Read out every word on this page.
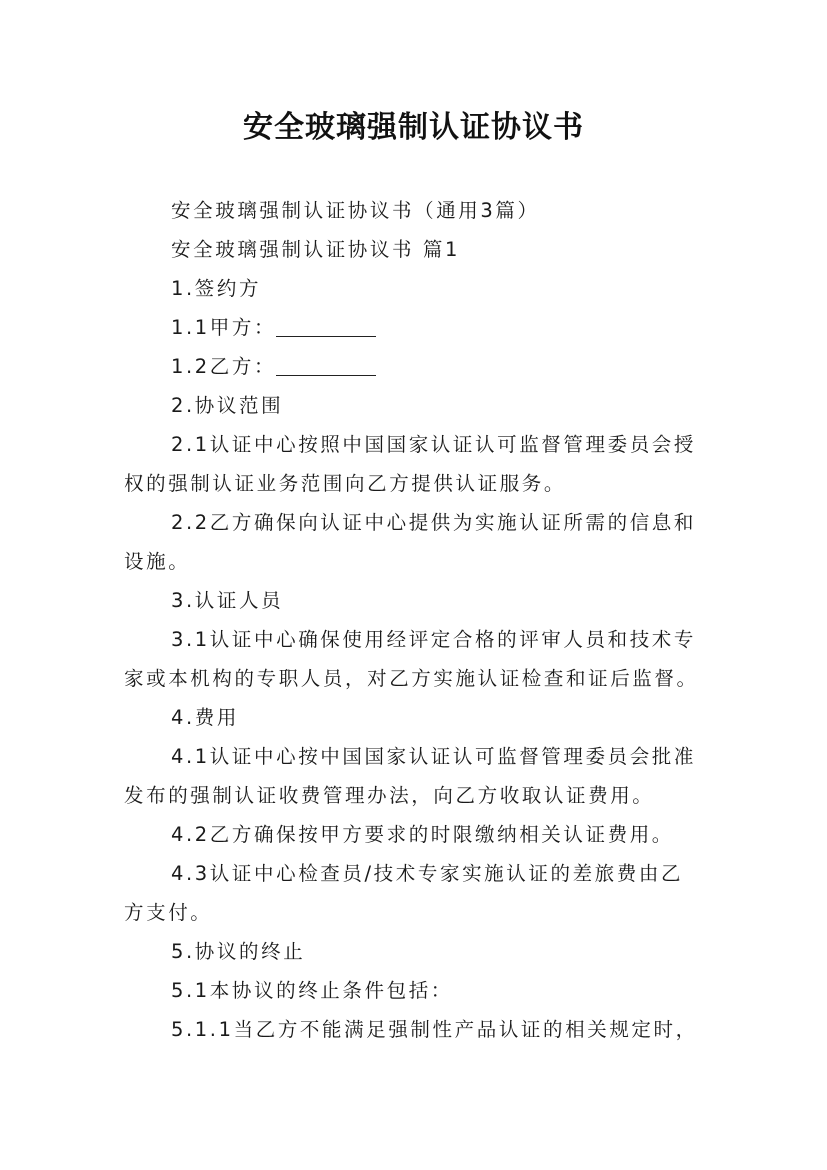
安全玻璃强制认证协议书
安全玻璃强制认证协议书（通用3篇）
安全玻璃强制认证协议书 篇1
1.签约方
1.1甲方：
1.2乙方：
2.协议范围
2.1认证中心按照中国国家认证认可监督管理委员会授
权的强制认证业务范围向乙方提供认证服务。
2.2乙方确保向认证中心提供为实施认证所需的信息和
设施。
3.认证人员
3.1认证中心确保使用经评定合格的评审人员和技术专
家或本机构的专职人员，对乙方实施认证检查和证后监督。
4.费用
4.1认证中心按中国国家认证认可监督管理委员会批准
发布的强制认证收费管理办法，向乙方收取认证费用。
4.2乙方确保按甲方要求的时限缴纳相关认证费用。
4.3认证中心检查员/技术专家实施认证的差旅费由乙
方支付。
5.协议的终止
5.1本协议的终止条件包括：
5.1.1当乙方不能满足强制性产品认证的相关规定时，
